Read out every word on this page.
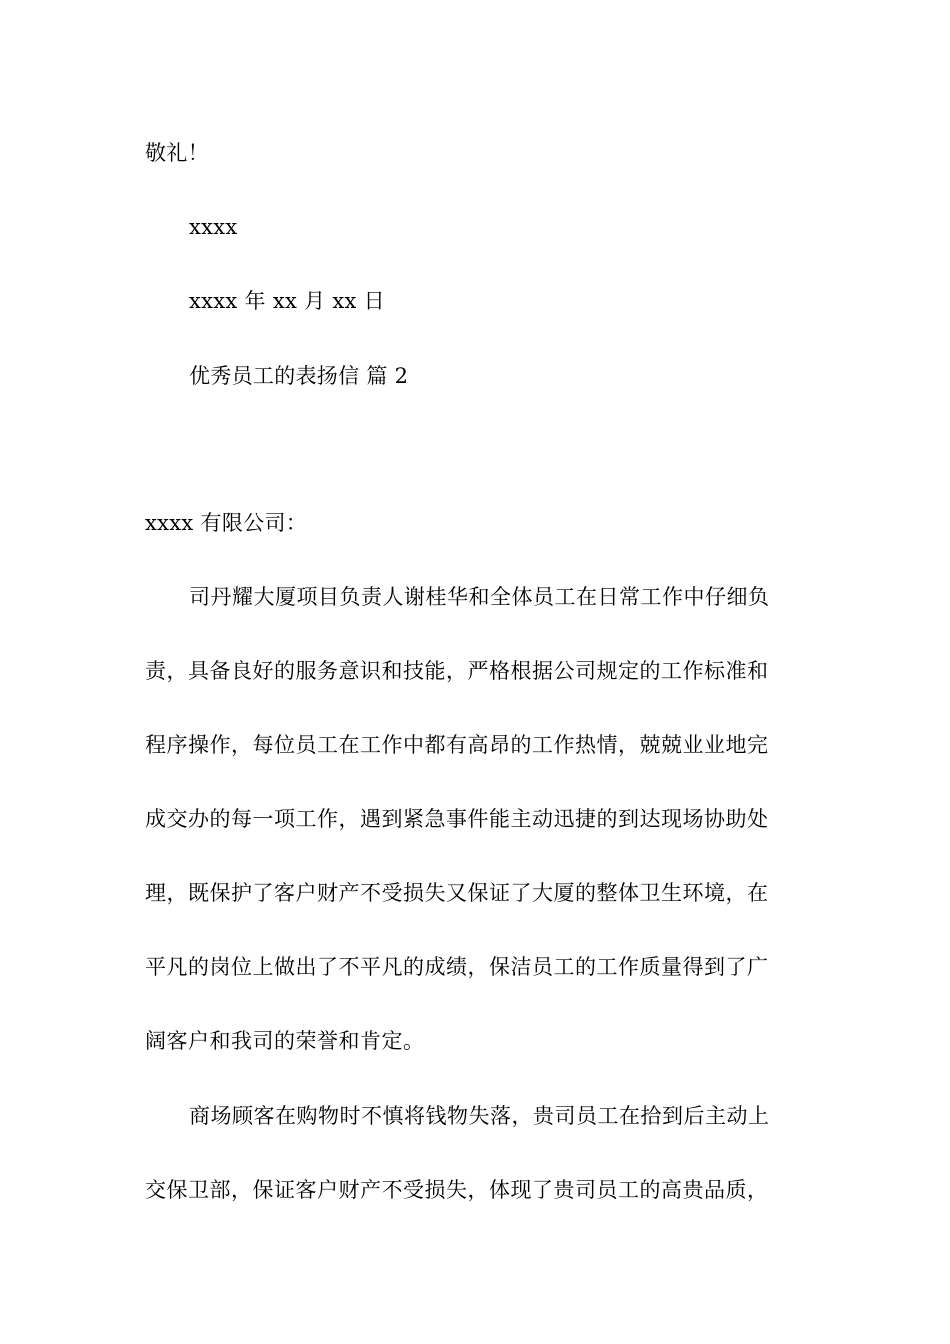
敬礼！
xxxx
xxxx 年 xx 月 xx 日
优秀员工的表扬信 篇 2
xxxx 有限公司：
司丹耀大厦项目负责人谢桂华和全体员工在日常工作中仔细负
责，具备良好的服务意识和技能，严格根据公司规定的工作标准和
程序操作，每位员工在工作中都有高昂的工作热情，兢兢业业地完
成交办的每一项工作，遇到紧急事件能主动迅捷的到达现场协助处
理，既保护了客户财产不受损失又保证了大厦的整体卫生环境，在
平凡的岗位上做出了不平凡的成绩，保洁员工的工作质量得到了广
阔客户和我司的荣誉和肯定。
商场顾客在购物时不慎将钱物失落，贵司员工在拾到后主动上
交保卫部，保证客户财产不受损失，体现了贵司员工的高贵品质，
